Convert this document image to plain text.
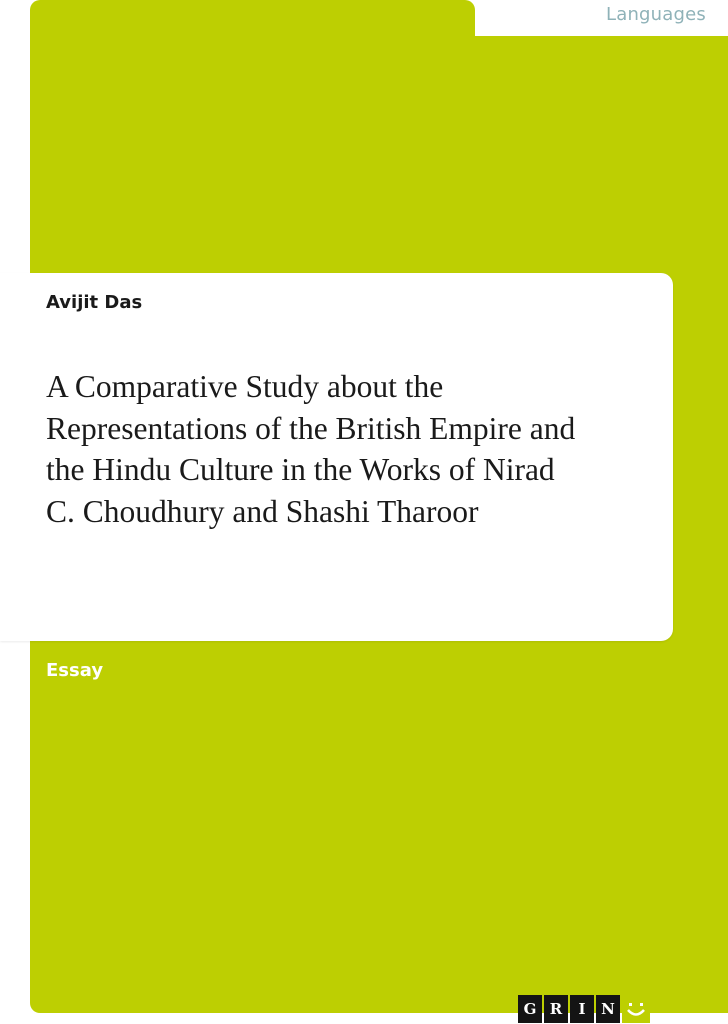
Languages
Avijit Das
A Comparative Study about the
Representations of the British Empire and
the Hindu Culture in the Works of Nirad
C. Choudhury and Shashi Tharoor
Essay
G R	I	N
